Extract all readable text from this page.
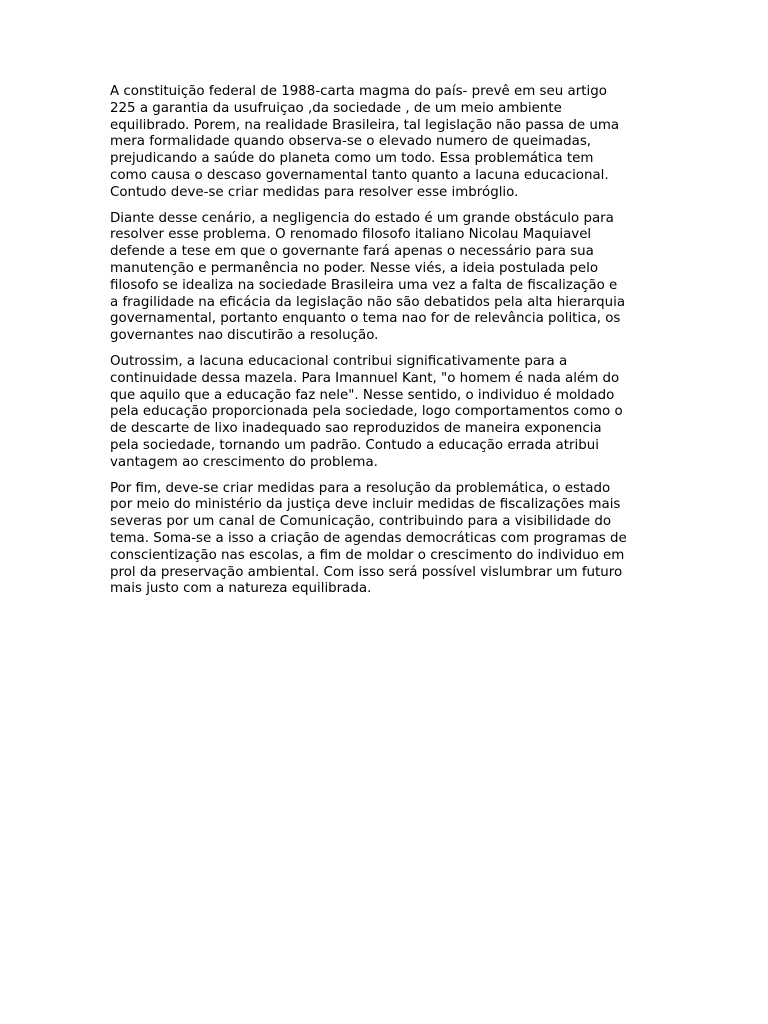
A constituição federal de 1988-carta magma do país- prevê em seu artigo
225 a garantia da usufruiçao ,da sociedade , de um meio ambiente
equilibrado. Porem, na realidade Brasileira, tal legislação não passa de uma
mera formalidade quando observa-se o elevado numero de queimadas,
prejudicando a saúde do planeta como um todo. Essa problemática tem
como causa o descaso governamental tanto quanto a lacuna educacional.
Contudo deve-se criar medidas para resolver esse imbróglio.

Diante desse cenário, a negligencia do estado é um grande obstáculo para
resolver esse problema. O renomado filosofo italiano Nicolau Maquiavel
defende a tese em que o governante fará apenas o necessário para sua
manutenção e permanência no poder. Nesse viés, a ideia postulada pelo
filosofo se idealiza na sociedade Brasileira uma vez a falta de fiscalização e
a fragilidade na eficácia da legislação não são debatidos pela alta hierarquia
governamental, portanto enquanto o tema nao for de relevância politica, os
governantes nao discutirão a resolução.

Outrossim, a lacuna educacional contribui significativamente para a
continuidade dessa mazela. Para Imannuel Kant, "o homem é nada além do
que aquilo que a educação faz nele". Nesse sentido, o individuo é moldado
pela educação proporcionada pela sociedade, logo comportamentos como o
de descarte de lixo inadequado sao reproduzidos de maneira exponencia
pela sociedade, tornando um padrão. Contudo a educação errada atribui
vantagem ao crescimento do problema.

Por fim, deve-se criar medidas para a resolução da problemática, o estado
por meio do ministério da justiça deve incluir medidas de fiscalizações mais
severas por um canal de Comunicação, contribuindo para a visibilidade do
tema. Soma-se a isso a criação de agendas democráticas com programas de
conscientização nas escolas, a fim de moldar o crescimento do individuo em
prol da preservação ambiental. Com isso será possível vislumbrar um futuro
mais justo com a natureza equilibrada.
